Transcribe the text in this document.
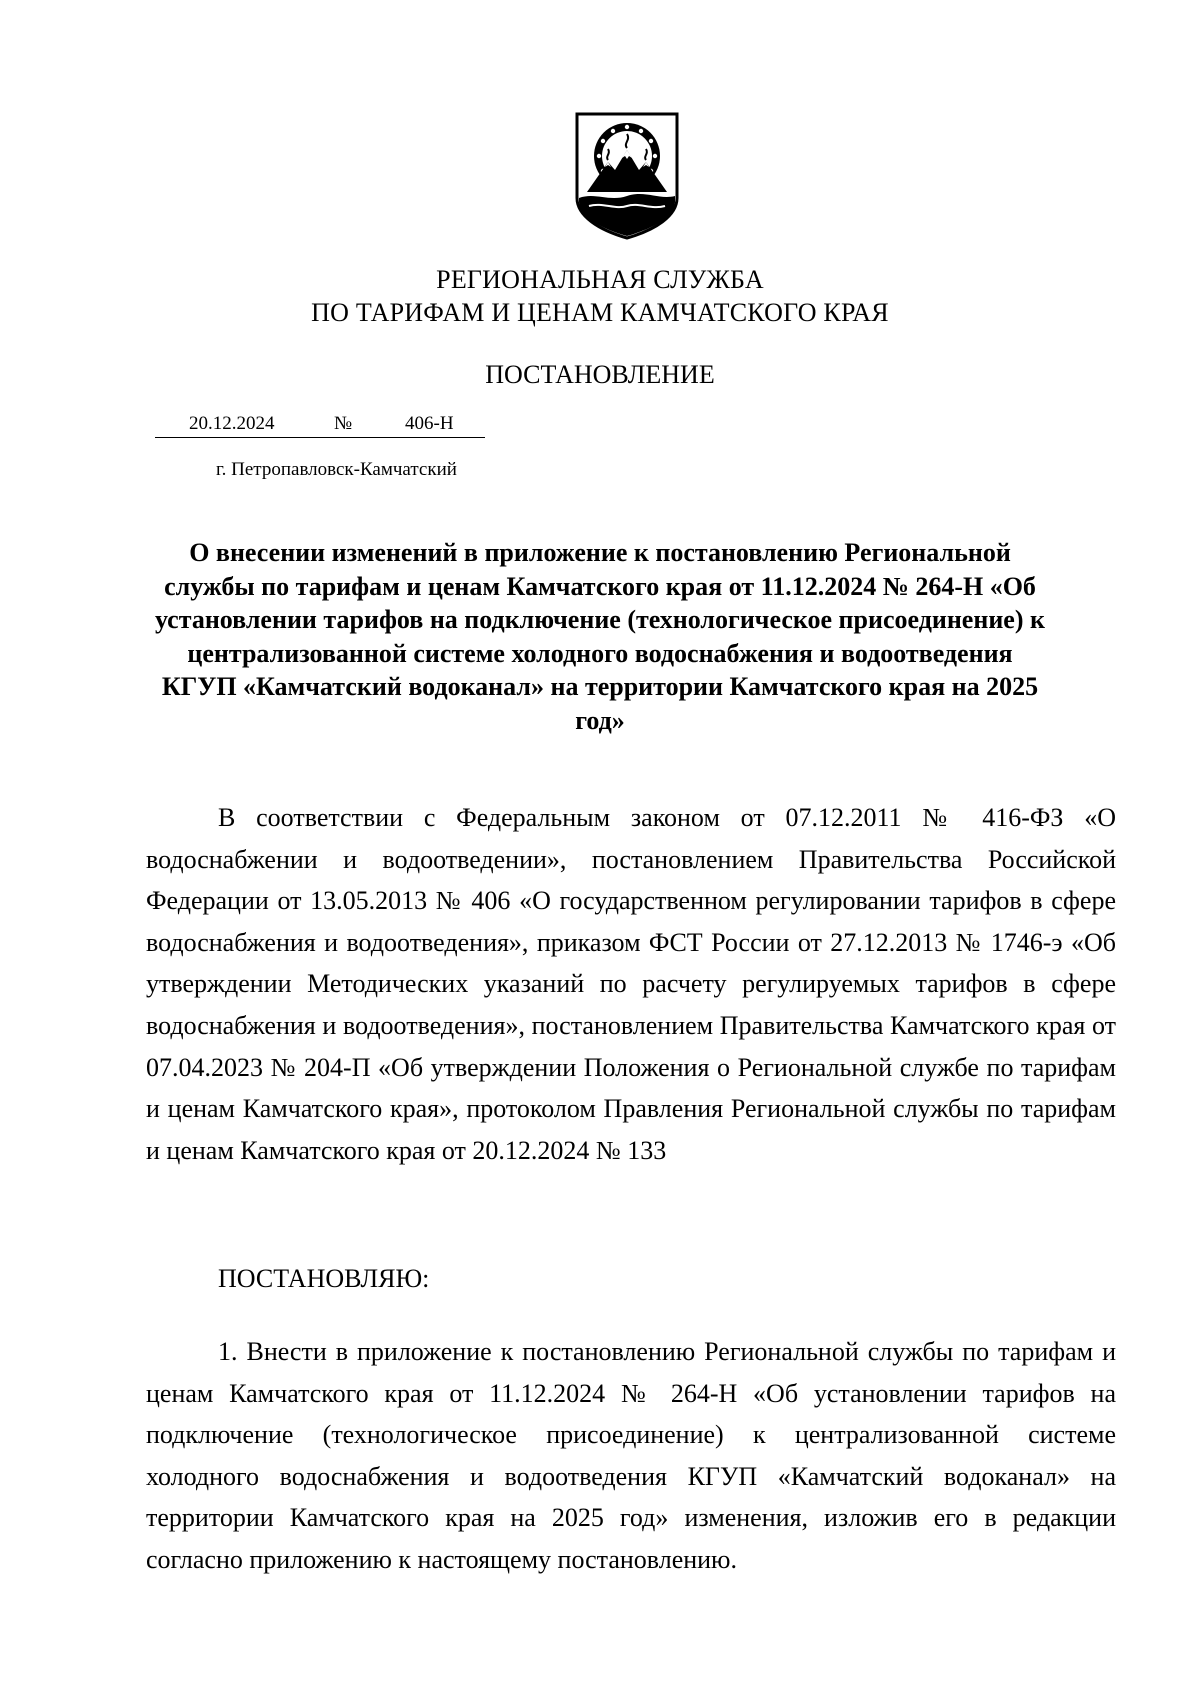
РЕГИОНАЛЬНАЯ СЛУЖБА
ПО ТАРИФАМ И ЦЕНАМ КАМЧАТСКОГО КРАЯ
ПОСТАНОВЛЕНИЕ
20.12.2024	№	406-Н
г. Петропавловск-Камчатский

О внесении изменений в приложение к постановлению Региональной службы по тарифам и ценам Камчатского края от 11.12.2024 № 264-Н «Об установлении тарифов на подключение (технологическое присоединение) к централизованной системе холодного водоснабжения и водоотведения КГУП «Камчатский водоканал» на территории Камчатского края на 2025 год»

В соответствии с Федеральным законом от 07.12.2011 № 416-ФЗ «О водоснабжении и водоотведении», постановлением Правительства Российской Федерации от 13.05.2013 № 406 «О государственном регулировании тарифов в сфере водоснабжения и водоотведения», приказом ФСТ России от 27.12.2013 № 1746-э «Об утверждении Методических указаний по расчету регулируемых тарифов в сфере водоснабжения и водоотведения», постановлением Правительства Камчатского края от 07.04.2023 № 204-П «Об утверждении Положения о Региональной службе по тарифам и ценам Камчатского края», протоколом Правления Региональной службы по тарифам и ценам Камчатского края от 20.12.2024 № 133

ПОСТАНОВЛЯЮ:

1. Внести в приложение к постановлению Региональной службы по тарифам и ценам Камчатского края от 11.12.2024 № 264-Н «Об установлении тарифов на подключение (технологическое присоединение) к централизованной системе холодного водоснабжения и водоотведения КГУП «Камчатский водоканал» на территории Камчатского края на 2025 год» изменения, изложив его в редакции согласно приложению к настоящему постановлению.
